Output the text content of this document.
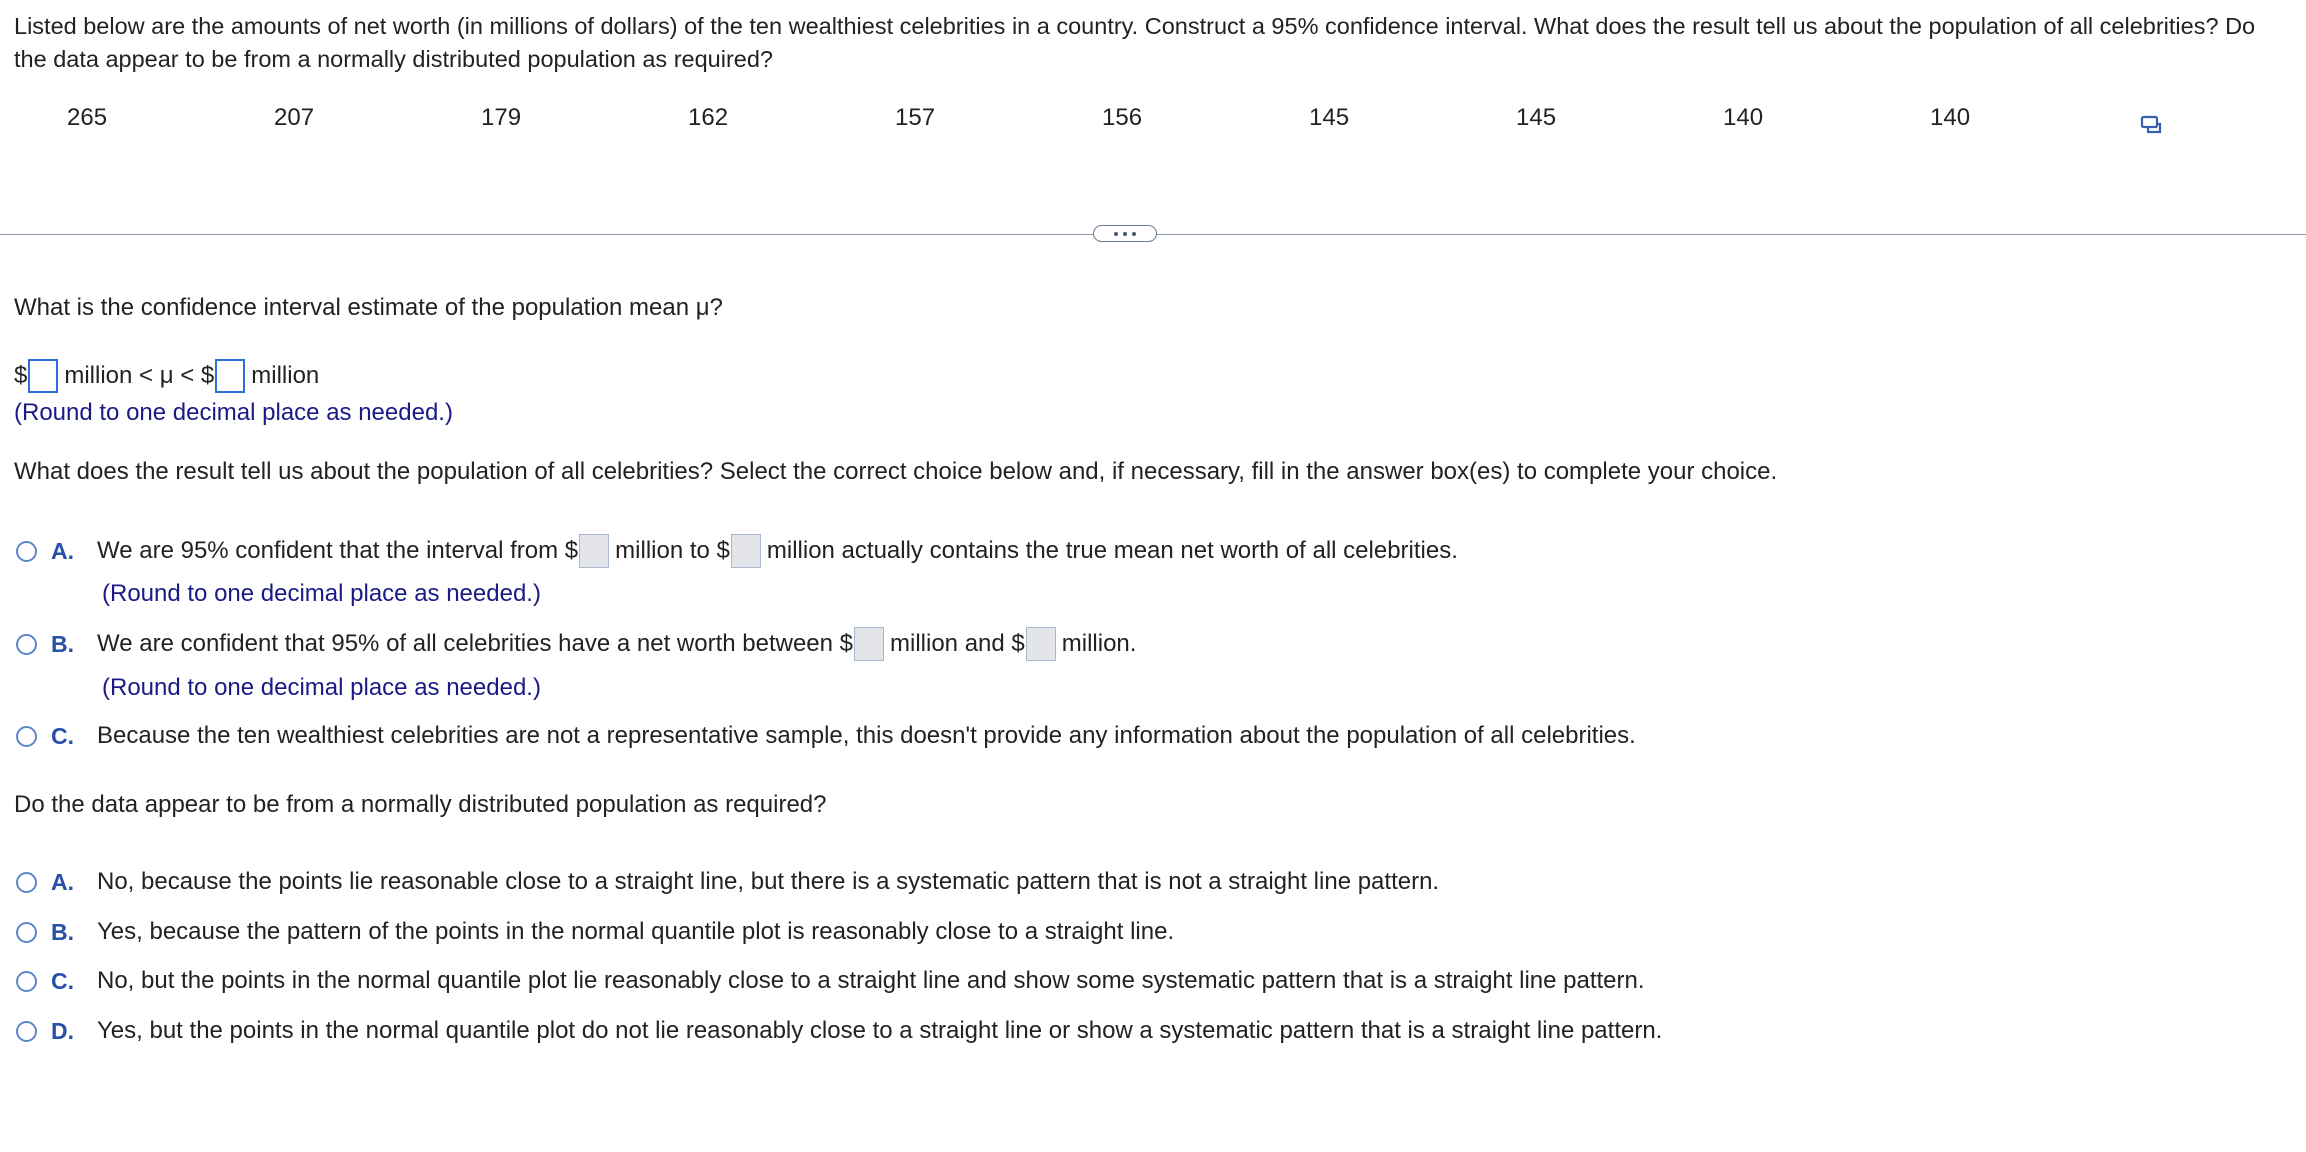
Listed below are the amounts of net worth (in millions of dollars) of the ten wealthiest celebrities in a country. Construct a 95% confidence interval. What does the result tell us about the population of all celebrities? Do the data appear to be from a normally distributed population as required?
265	207	179	162	157	156	145	145	140	140
What is the confidence interval estimate of the population mean μ?
$ million < μ < $ million
(Round to one decimal place as needed.)
What does the result tell us about the population of all celebrities? Select the correct choice below and, if necessary, fill in the answer box(es) to complete your choice.
A. We are 95% confident that the interval from $ million to $ million actually contains the true mean net worth of all celebrities.
(Round to one decimal place as needed.)
B. We are confident that 95% of all celebrities have a net worth between $ million and $ million.
(Round to one decimal place as needed.)
C. Because the ten wealthiest celebrities are not a representative sample, this doesn't provide any information about the population of all celebrities.
Do the data appear to be from a normally distributed population as required?
A. No, because the points lie reasonable close to a straight line, but there is a systematic pattern that is not a straight line pattern.
B. Yes, because the pattern of the points in the normal quantile plot is reasonably close to a straight line.
C. No, but the points in the normal quantile plot lie reasonably close to a straight line and show some systematic pattern that is a straight line pattern.
D. Yes, but the points in the normal quantile plot do not lie reasonably close to a straight line or show a systematic pattern that is a straight line pattern.
